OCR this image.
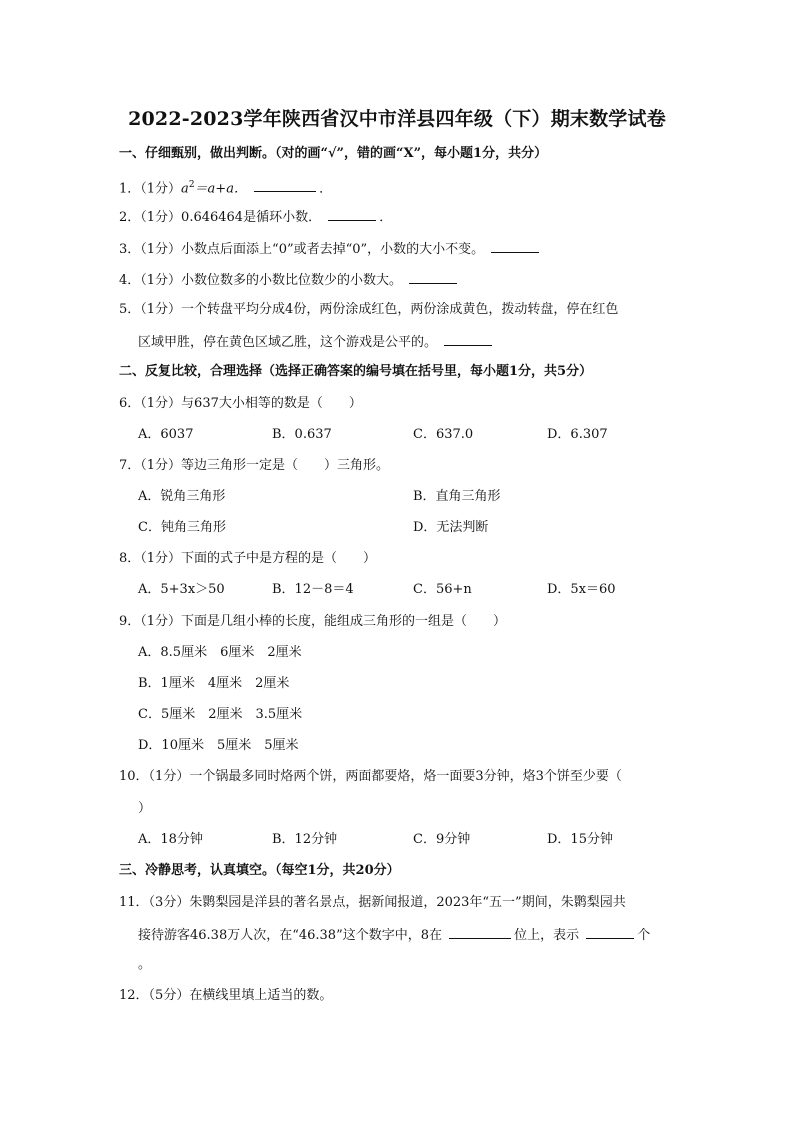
2022-2023学年陕西省汉中市洋县四年级（下）期末数学试卷
一、仔细甄别，做出判断。（对的画“√”，错的画“X”，每小题1分，共分）
1．（1分）$a^2=a+a$．	．
2．（1分）0.646464是循环小数．	．
3．（1分）小数点后面添上“0”或者去掉“0”，小数的大小不变。
4．（1分）小数位数多的小数比位数少的小数大。
5．（1分）一个转盘平均分成4份，两份涂成红色，两份涂成黄色，拨动转盘，停在红色
区域甲胜，停在黄色区域乙胜，这个游戏是公平的。
二、反复比较，合理选择（选择正确答案的编号填在括号里，每小题1分，共5分）
6．（1分）与637大小相等的数是（　　）
A．6037	B．0.637	C．637.0	D．6.307
7．（1分）等边三角形一定是（　　）三角形。
A．锐角三角形	B．直角三角形
C．钝角三角形	D．无法判断
8．（1分）下面的式子中是方程的是（　　）
A．5+3x＞50	B．12－8＝4	C．56+n	D．5x＝60
9．（1分）下面是几组小棒的长度，能组成三角形的一组是（　　）
A．8.5厘米　6厘米　2厘米
B．1厘米　4厘米　2厘米
C．5厘米　2厘米　3.5厘米
D．10厘米　5厘米　5厘米
10．（1分）一个锅最多同时烙两个饼，两面都要烙，烙一面要3分钟，烙3个饼至少要（
）
A．18分钟	B．12分钟	C．9分钟	D．15分钟
三、冷静思考，认真填空。（每空1分，共20分）
11．（3分）朱鹮梨园是洋县的著名景点，据新闻报道，2023年“五一”期间，朱鹮梨园共
接待游客46.38万人次，在“46.38”这个数字中，8在	位上，表示	个
。
12．（5分）在横线里填上适当的数。
